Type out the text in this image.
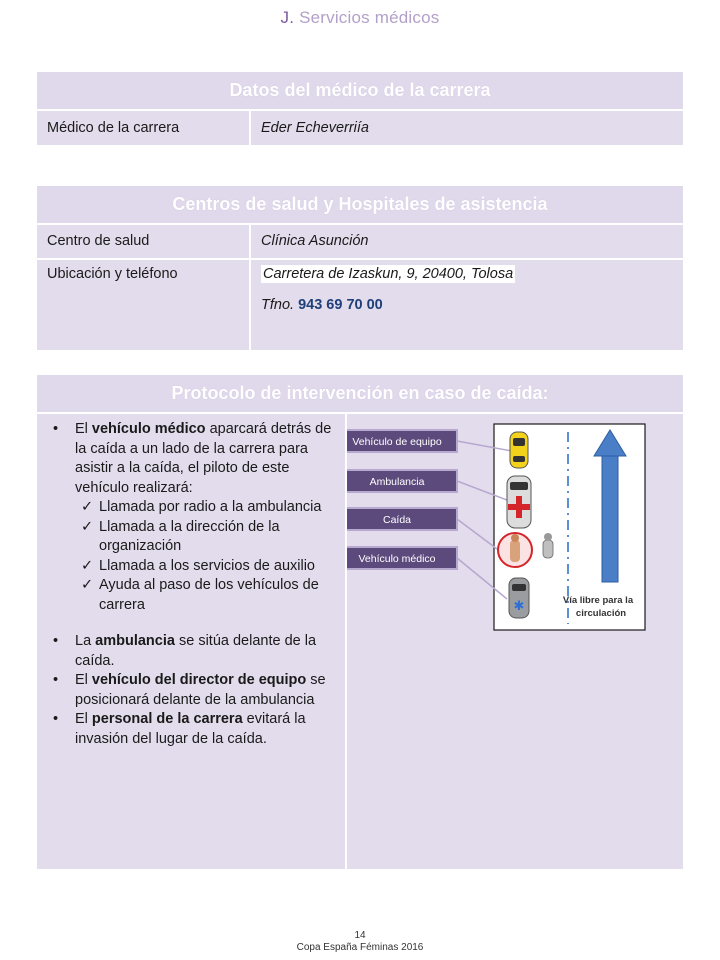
J. Servicios médicos
Datos del médico de la carrera
Médico de la carrera	Eder Echeverriía
Centros de salud y Hospitales de asistencia
Centro de salud	Clínica Asunción
Ubicación y teléfono	Carretera de Izaskun, 9, 20400, Tolosa
Tfno. 943 69 70 00
Protocolo de intervención en caso de caída:
• El vehículo médico aparcará detrás de la caída a un lado de la carrera para asistir a la caída, el piloto de este vehículo realizará:
✓ Llamada por radio a la ambulancia
✓ Llamada a la dirección de la organización
✓ Llamada a los servicios de auxilio
✓ Ayuda al paso de los vehículos de carrera
• La ambulancia se sitúa delante de la caída.
• El vehículo del director de equipo se posicionará delante de la ambulancia
• El personal de la carrera evitará la invasión del lugar de la caída.
Vehículo de equipo
Ambulancia
Caída
Vehículo médico
✱	Vía libre para la
circulación
14
Copa España Féminas 2016
